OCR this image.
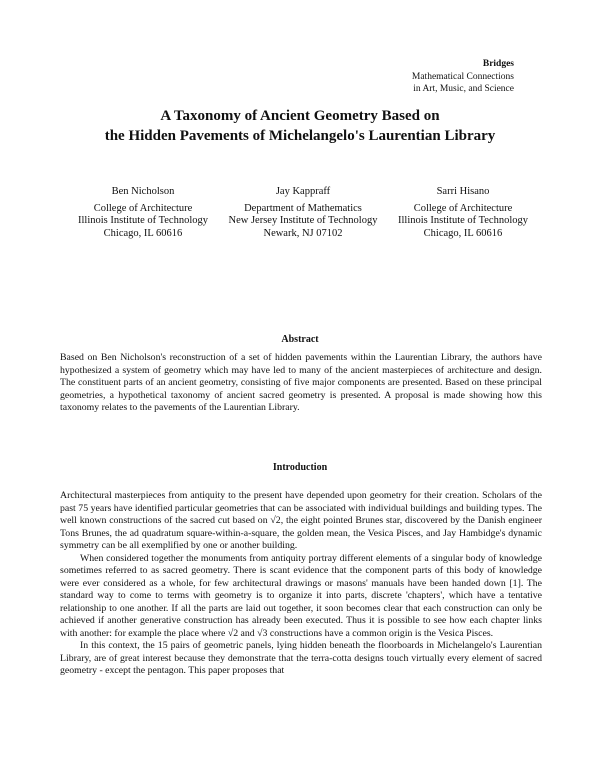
Bridges
Mathematical Connections
in Art, Music, and Science
A Taxonomy of Ancient Geometry Based on
the Hidden Pavements of Michelangelo's Laurentian Library
Ben Nicholson
College of Architecture
Illinois Institute of Technology
Chicago, IL 60616
Jay Kappraff
Department of Mathematics
New Jersey Institute of Technology
Newark, NJ 07102
Sarri Hisano
College of Architecture
Illinois Institute of Technology
Chicago, IL 60616
Abstract

Based on Ben Nicholson's reconstruction of a set of hidden pavements within the Laurentian Library, the authors have hypothesized a system of geometry which may have led to many of the ancient masterpieces of architecture and design. The constituent parts of an ancient geometry, consisting of five major components are presented. Based on these principal geometries, a hypothetical taxonomy of ancient sacred geometry is presented. A proposal is made showing how this taxonomy relates to the pavements of the Laurentian Library.

Introduction

Architectural masterpieces from antiquity to the present have depended upon geometry for their creation. Scholars of the past 75 years have identified particular geometries that can be associated with individual buildings and building types. The well known constructions of the sacred cut based on √2, the eight pointed Brunes star, discovered by the Danish engineer Tons Brunes, the ad quadratum square-within-a-square, the golden mean, the Vesica Pisces, and Jay Hambidge's dynamic symmetry can be all exemplified by one or another building.

When considered together the monuments from antiquity portray different elements of a singular body of knowledge sometimes referred to as sacred geometry. There is scant evidence that the component parts of this body of knowledge were ever considered as a whole, for few architectural drawings or masons' manuals have been handed down [1]. The standard way to come to terms with geometry is to organize it into parts, discrete 'chapters', which have a tentative relationship to one another. If all the parts are laid out together, it soon becomes clear that each construction can only be achieved if another generative construction has already been executed. Thus it is possible to see how each chapter links with another: for example the place where √2 and √3 constructions have a common origin is the Vesica Pisces.

In this context, the 15 pairs of geometric panels, lying hidden beneath the floorboards in Michelangelo's Laurentian Library, are of great interest because they demonstrate that the terra-cotta designs touch virtually every element of sacred geometry - except the pentagon. This paper proposes that
